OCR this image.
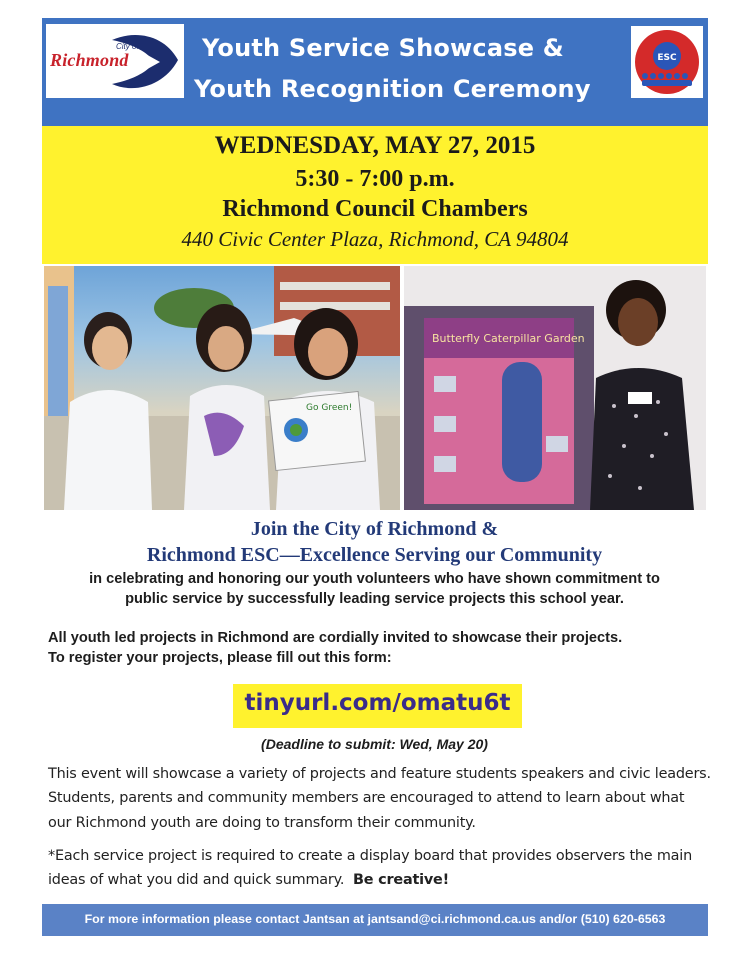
City of
Richmond	Youth Service Showcase &
Youth Recognition Ceremony
ESC
WEDNESDAY, MAY 27, 2015
5:30 - 7:00 p.m.
Richmond Council Chambers
440 Civic Center Plaza, Richmond, CA 94804
Go Green!
Butterfly Caterpillar Garden
Join the City of Richmond &
Richmond ESC—Excellence Serving our Community
in celebrating and honoring our youth volunteers who have shown commitment to
public service by successfully leading service projects this school year.
All youth led projects in Richmond are cordially invited to showcase their projects.
To register your projects, please fill out this form:
tinyurl.com/omatu6t
(Deadline to submit: Wed, May 20)
This event will showcase a variety of projects and feature students speakers and civic leaders.
Students, parents and community members are encouraged to attend to learn about what
our Richmond youth are doing to transform their community.
*Each service project is required to create a display board that provides observers the main
ideas of what you did and quick summary. Be creative!
For more information please contact Jantsan at jantsand@ci.richmond.ca.us and/or (510) 620-6563
